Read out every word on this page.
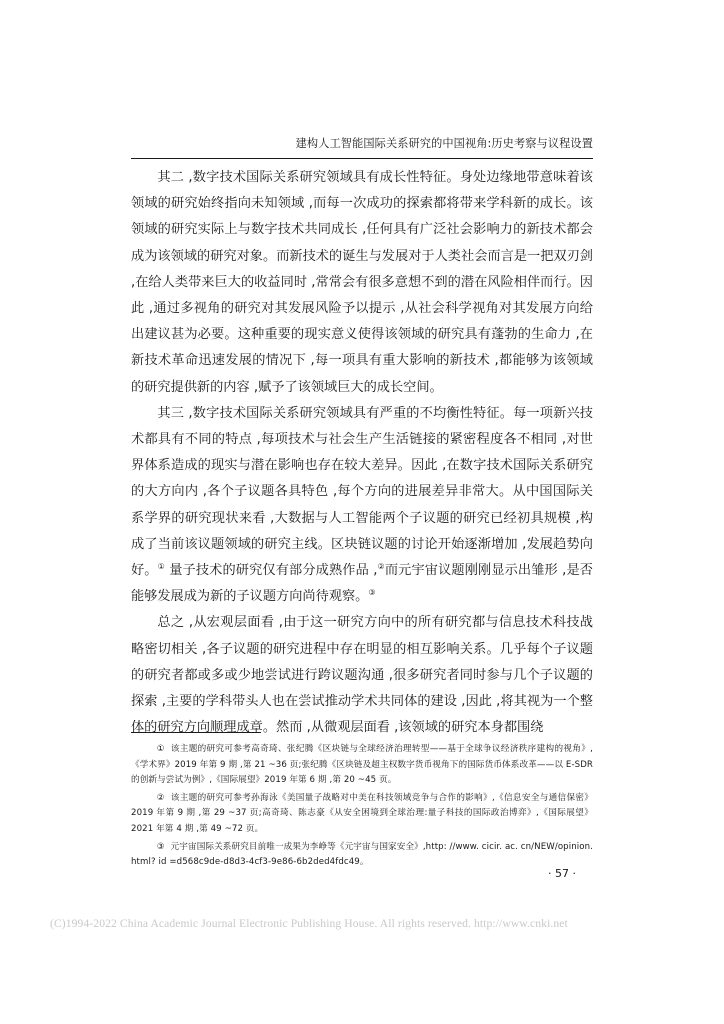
建构人工智能国际关系研究的中国视角:历史考察与议程设置

其二 ,数字技术国际关系研究领域具有成长性特征。身处边缘地带意味着该领域的研究始终指向未知领域 ,而每一次成功的探索都将带来学科新的成长。该领域的研究实际上与数字技术共同成长 ,任何具有广泛社会影响力的新技术都会成为该领域的研究对象。而新技术的诞生与发展对于人类社会而言是一把双刃剑 ,在给人类带来巨大的收益同时 ,常常会有很多意想不到的潜在风险相伴而行。因此 ,通过多视角的研究对其发展风险予以提示 ,从社会科学视角对其发展方向给出建议甚为必要。这种重要的现实意义使得该领域的研究具有蓬勃的生命力 ,在新技术革命迅速发展的情况下 ,每一项具有重大影响的新技术 ,都能够为该领域的研究提供新的内容 ,赋予了该领域巨大的成长空间。

其三 ,数字技术国际关系研究领域具有严重的不均衡性特征。每一项新兴技术都具有不同的特点 ,每项技术与社会生产生活链接的紧密程度各不相同 ,对世界体系造成的现实与潜在影响也存在较大差异。因此 ,在数字技术国际关系研究的大方向内 ,各个子议题各具特色 ,每个方向的进展差异非常大。从中国国际关系学界的研究现状来看 ,大数据与人工智能两个子议题的研究已经初具规模 ,构成了当前该议题领域的研究主线。区块链议题的讨论开始逐渐增加 ,发展趋势向好。① 量子技术的研究仅有部分成熟作品 ,②而元宇宙议题刚刚显示出雏形 ,是否能够发展成为新的子议题方向尚待观察。③

总之 ,从宏观层面看 ,由于这一研究方向中的所有研究都与信息技术科技战略密切相关 ,各子议题的研究进程中存在明显的相互影响关系。几乎每个子议题的研究者都或多或少地尝试进行跨议题沟通 ,很多研究者同时参与几个子议题的探索 ,主要的学科带头人也在尝试推动学术共同体的建设 ,因此 ,将其视为一个整体的研究方向顺理成章。然而 ,从微观层面看 ,该领域的研究本身都围绕

① 该主题的研究可参考高奇琦、张纪腾《区块链与全球经济治理转型——基于全球争议经济秩序建构的视角》,《学术界》2019 年第 9 期 ,第 21 ~36 页;张纪腾《区块链及超主权数字货币视角下的国际货币体系改革——以 E-SDR 的创新与尝试为例》,《国际展望》2019 年第 6 期 ,第 20 ~45 页。

② 该主题的研究可参考孙海泳《美国量子战略对中美在科技领域竞争与合作的影响》,《信息安全与通信保密》2019 年第 9 期 ,第 29 ~37 页;高奇琦、陈志豪《从安全困境到全球治理:量子科技的国际政治博弈》,《国际展望》2021 年第 4 期 ,第 49 ~72 页。

③ 元宇宙国际关系研究目前唯一成果为李峥等《元宇宙与国家安全》,http: //www. cicir. ac. cn/NEW/opinion. html? id =d568c9de-d8d3-4cf3-9e86-6b2ded4fdc49。

· 57 ·
(C)1994-2022 China Academic Journal Electronic Publishing House. All rights reserved. http://www.cnki.net
